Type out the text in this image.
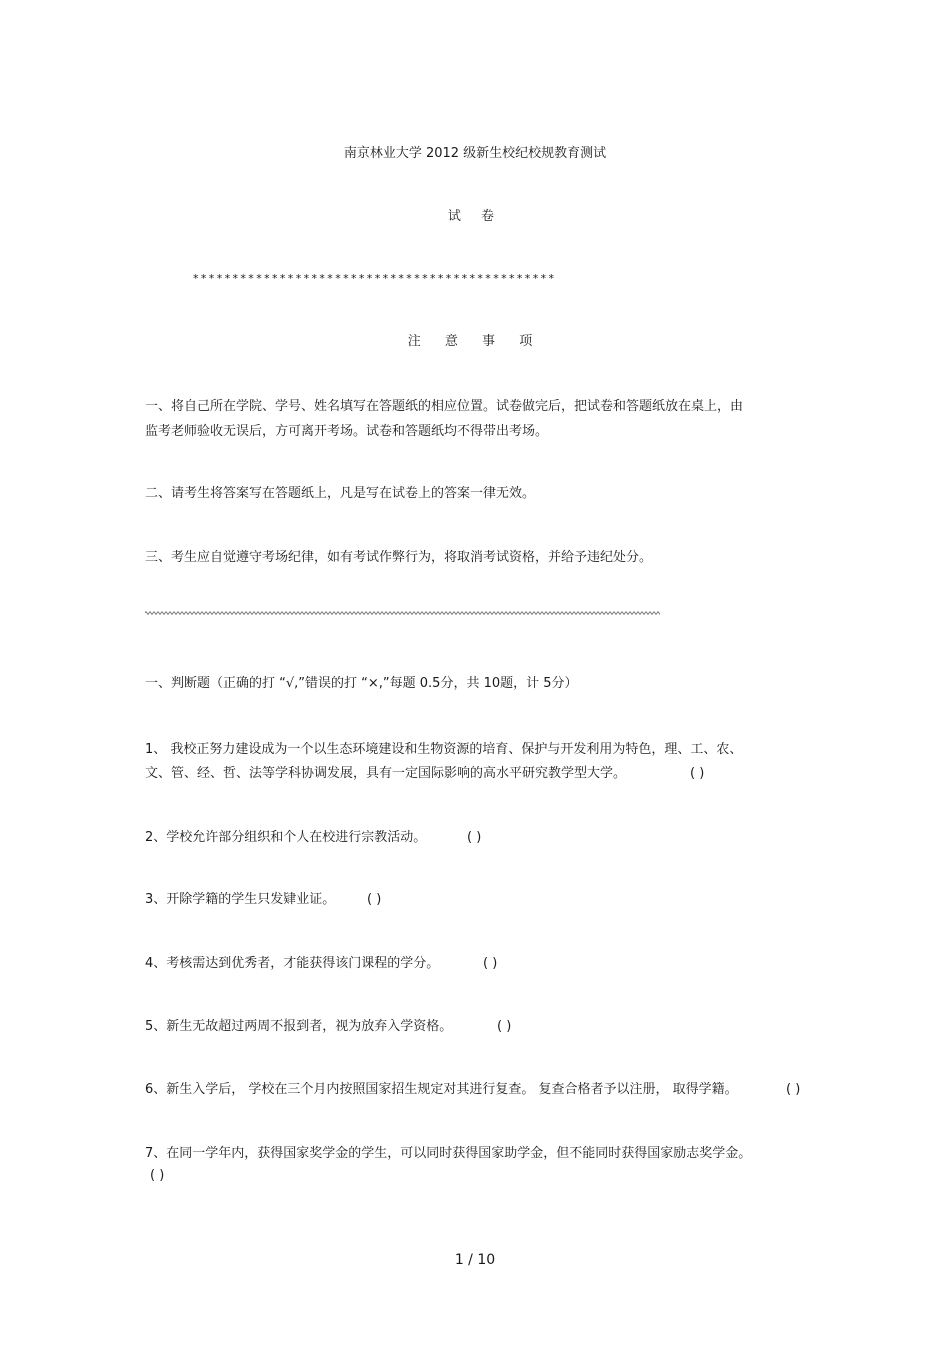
南京林业大学 2012 级新生校纪校规教育测试
试 卷
**********************************************
注 意 事 项
一、将自己所在学院、学号、姓名填写在答题纸的相应位置。试卷做完后，把试卷和答题纸放在桌上，由
监考老师验收无误后，方可离开考场。试卷和答题纸均不得带出考场。
二、请考生将答案写在答题纸上，凡是写在试卷上的答案一律无效。
三、考生应自觉遵守考场纪律，如有考试作弊行为，将取消考试资格，并给予违纪处分。
一、判断题（正确的打 “√,”错误的打 “×,”每题 0.5分，共 10题，计 5分）
1、 我校正努力建设成为一个以生态环境建设和生物资源的培育、保护与开发利用为特色，理、工、农、
文、管、经、哲、法等学科协调发展，具有一定国际影响的高水平研究教学型大学。	( )
2、学校允许部分组织和个人在校进行宗教活动。	( )
3、开除学籍的学生只发肄业证。 ( )
4、考核需达到优秀者，才能获得该门课程的学分。	( )
5、新生无故超过两周不报到者，视为放弃入学资格。	( )
6、新生入学后， 学校在三个月内按照国家招生规定对其进行复查。 复查合格者予以注册， 取得学籍。	( )
7、在同一学年内，获得国家奖学金的学生，可以同时获得国家助学金，但不能同时获得国家励志奖学金。
( )
1 / 10
